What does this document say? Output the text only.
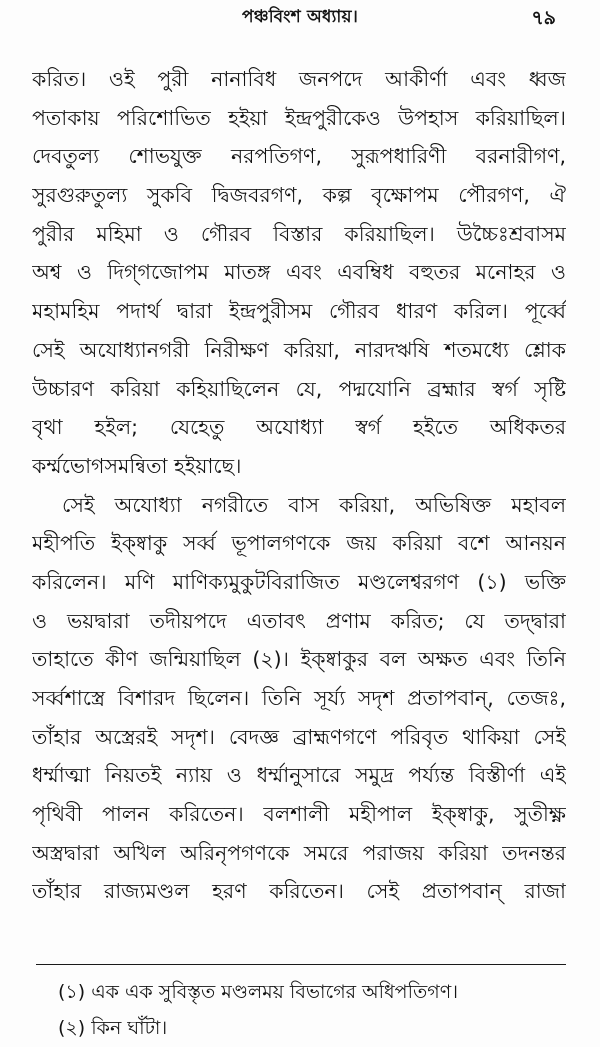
পঞ্চবিংশ অধ্যায়।	৭৯
করিত। ওই পুরী নানাবিধ জনপদে আকীর্ণা এবং ধ্বজ
পতাকায় পরিশোভিত হইয়া ইন্দ্রপুরীকেও উপহাস করিয়াছিল।
দেবতুল্য শোভযুক্ত নরপতিগণ, সুরূপধারিণী বরনারীগণ,
সুরগুরুতুল্য সুকবি দ্বিজবরগণ, কল্প বৃক্ষোপম পৌরগণ, ঐ
পুরীর মহিমা ও গৌরব বিস্তার করিয়াছিল। উচ্চৈঃশ্রবাসম
অশ্ব ও দিগ্‌গজোপম মাতঙ্গ এবং এবম্বিধ বহুতর মনোহর ও
মহামহিম পদার্থ দ্বারা ইন্দ্রপুরীসম গৌরব ধারণ করিল। পূর্ব্বে
সেই অযোধ্যানগরী নিরীক্ষণ করিয়া, নারদঋষি শতমধ্যে শ্লোক
উচ্চারণ করিয়া কহিয়াছিলেন যে, পদ্মযোনি ব্রহ্মার স্বর্গ সৃষ্টি
বৃথা হইল; যেহেতু অযোধ্যা স্বর্গ হইতে অধিকতর
কর্ম্মভোগসমন্বিতা হইয়াছে।
সেই অযোধ্যা নগরীতে বাস করিয়া, অভিষিক্ত মহাবল
মহীপতি ইক্ষ্বাকু সর্ব্ব ভূপালগণকে জয় করিয়া বশে আনয়ন
করিলেন। মণি মাণিক্যমুকুটবিরাজিত মণ্ডলেশ্বরগণ (১) ভক্তি
ও ভয়দ্বারা তদীয়পদে এতাবৎ প্রণাম করিত; যে তদ্দ্বারা
তাহাতে কীণ জন্মিয়াছিল (২)। ইক্ষ্বাকুর বল অক্ষত এবং তিনি
সর্ব্বশাস্ত্রে বিশারদ ছিলেন। তিনি সূর্য্য সদৃশ প্রতাপবান্, তেজঃ,
তাঁহার অস্ত্রেরই সদৃশ। বেদজ্ঞ ব্রাহ্মণগণে পরিবৃত থাকিয়া সেই
ধর্ম্মাত্মা নিয়তই ন্যায় ও ধর্ম্মানুসারে সমুদ্র পর্য্যন্ত বিস্তীর্ণা এই
পৃথিবী পালন করিতেন। বলশালী মহীপাল ইক্ষ্বাকু, সুতীক্ষ্ণ
অস্ত্রদ্বারা অখিল অরিনৃপগণকে সমরে পরাজয় করিয়া তদনন্তর
তাঁহার রাজ্যমণ্ডল হরণ করিতেন। সেই প্রতাপবান্ রাজা
(১) এক এক সুবিস্তৃত মণ্ডলময় বিভাগের অধিপতিগণ।
(২) কিন ঘাঁটা।
